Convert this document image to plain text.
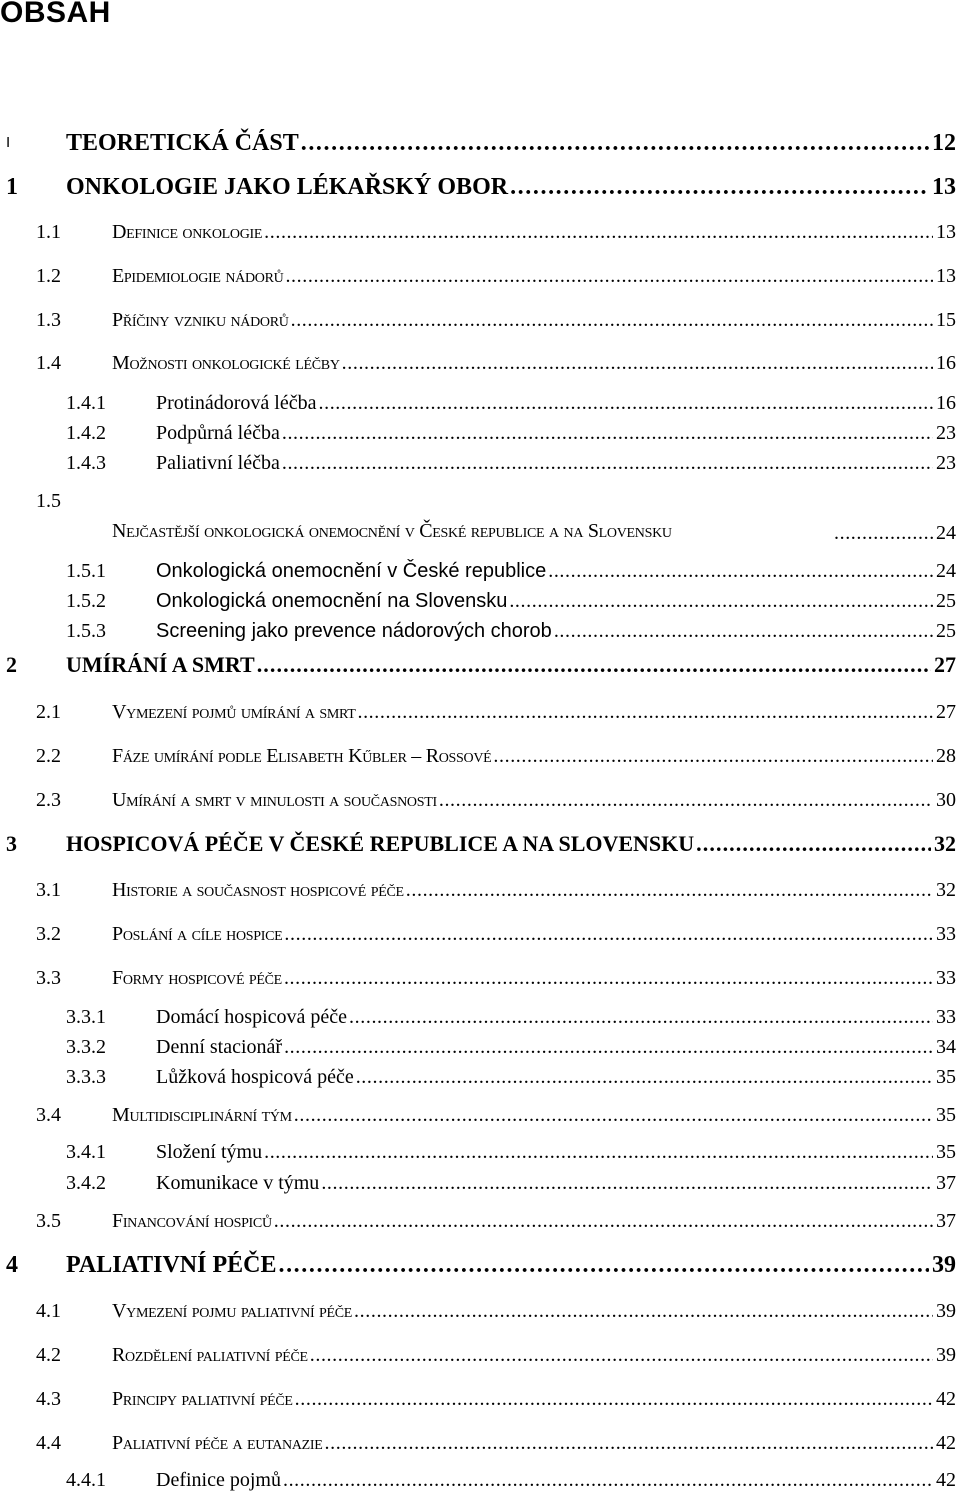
OBSAH
I TEORETICKÁ ČÁST . . .	12
1 ONKOLOGIE JAKO LÉKAŘSKÝ OBOR . . .	13
1.1	Definice onkologie . . .	13
1.2	Epidemiologie nádorů . . .	13
1.3	Příčiny vzniku nádorů . . .	15
1.4	Možnosti onkologické léčby . . .	16
1.4.1	Protinádorová léčba . . .	16
1.4.2	Podpůrná léčba . . .	23
1.4.3	Paliativní léčba . . .	23
1.5
Nejčastější onkologická onemocnění v České republice a na Slovensku . . .	24
1.5.1	Onkologická onemocnění v České republice . . .	24
1.5.2	Onkologická onemocnění na Slovensku . . .	25
1.5.3	Screening jako prevence nádorových chorob . . .	25
2 UMÍRÁNÍ A SMRT . . .	27
2.1	Vymezení pojmů umírání a smrt . . .	27
2.2	Fáze umírání podle Elisabeth Kűbler – Rossové . . .	28
2.3	Umírání a smrt v minulosti a současnosti . . .	30
3 HOSPICOVÁ PÉČE V ČESKÉ REPUBLICE A NA SLOVENSKU . . .	32
3.1	Historie a současnost hospicové péče . . .	32
3.2	Poslání a cíle hospice . . .	33
3.3	Formy hospicové péče . . .	33
3.3.1	Domácí hospicová péče . . .	33
3.3.2	Denní stacionář . . .	34
3.3.3	Lůžková hospicová péče . . .	35
3.4	Multidisciplinární tým . . .	35
3.4.1	Složení týmu . . .	35
3.4.2	Komunikace v týmu . . .	37
3.5	Financování hospiců . . .	37
4 PALIATIVNÍ PÉČE . . .	39
4.1	Vymezení pojmu paliativní péče . . .	39
4.2	Rozdělení paliativní péče . . .	39
4.3	Principy paliativní péče . . .	42
4.4	Paliativní péče a eutanazie . . .	42
4.4.1	Definice pojmů . . .	42
